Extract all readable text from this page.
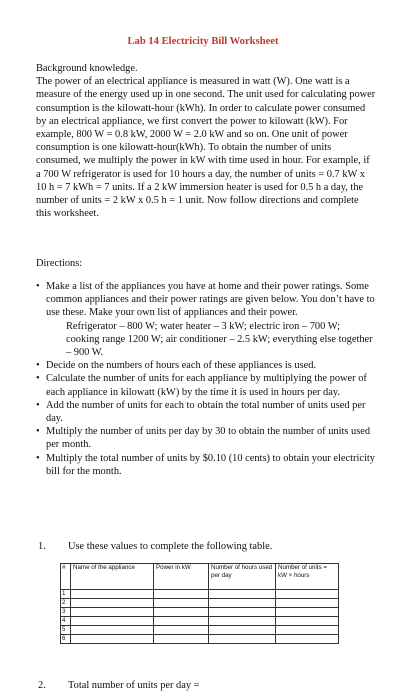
Lab 14 Electricity Bill Worksheet

Background knowledge.

The power of an electrical appliance is measured in watt (W). One watt is a measure of the energy used up in one second. The unit used for calculating power consumption is the kilowatt-hour (kWh). In order to calculate power consumed by an electrical appliance, we first convert the power to kilowatt (kW). For example, 800 W = 0.8 kW, 2000 W = 2.0 kW and so on. One unit of power consumption is one kilowatt-hour(kWh). To obtain the number of units consumed, we multiply the power in kW with time used in hour. For example, if a 700 W refrigerator is used for 10 hours a day, the number of units = 0.7 kW x 10 h = 7 kWh = 7 units. If a 2 kW immersion heater is used for 0.5 h a day, the number of units = 2 kW x 0.5 h = 1 unit. Now follow directions and complete this worksheet.

Directions:
• Make a list of the appliances you have at home and their power ratings. Some common appliances and their power ratings are given below. You don’t have to use these. Make your own list of appliances and their power.
Refrigerator – 800 W; water heater – 3 kW; electric iron – 700 W; cooking range 1200 W; air conditioner – 2.5 kW; everything else together – 900 W.
• Decide on the numbers of hours each of these appliances is used.
• Calculate the number of units for each appliance by multiplying the power of each appliance in kilowatt (kW) by the time it is used in hours per day.
• Add the number of units for each to obtain the total number of units used per day.
• Multiply the number of units per day by 30 to obtain the number of units used per month.
• Multiply the total number of units by $0.10 (10 cents) to obtain your electricity bill for the month.
1. Use these values to complete the following table.
#	Name of the appliance	Power in kW	Number of hours used per day	Number of units = kW × hours
1				
2				
3				
4				
5				
6				
2. Total number of units per day =
